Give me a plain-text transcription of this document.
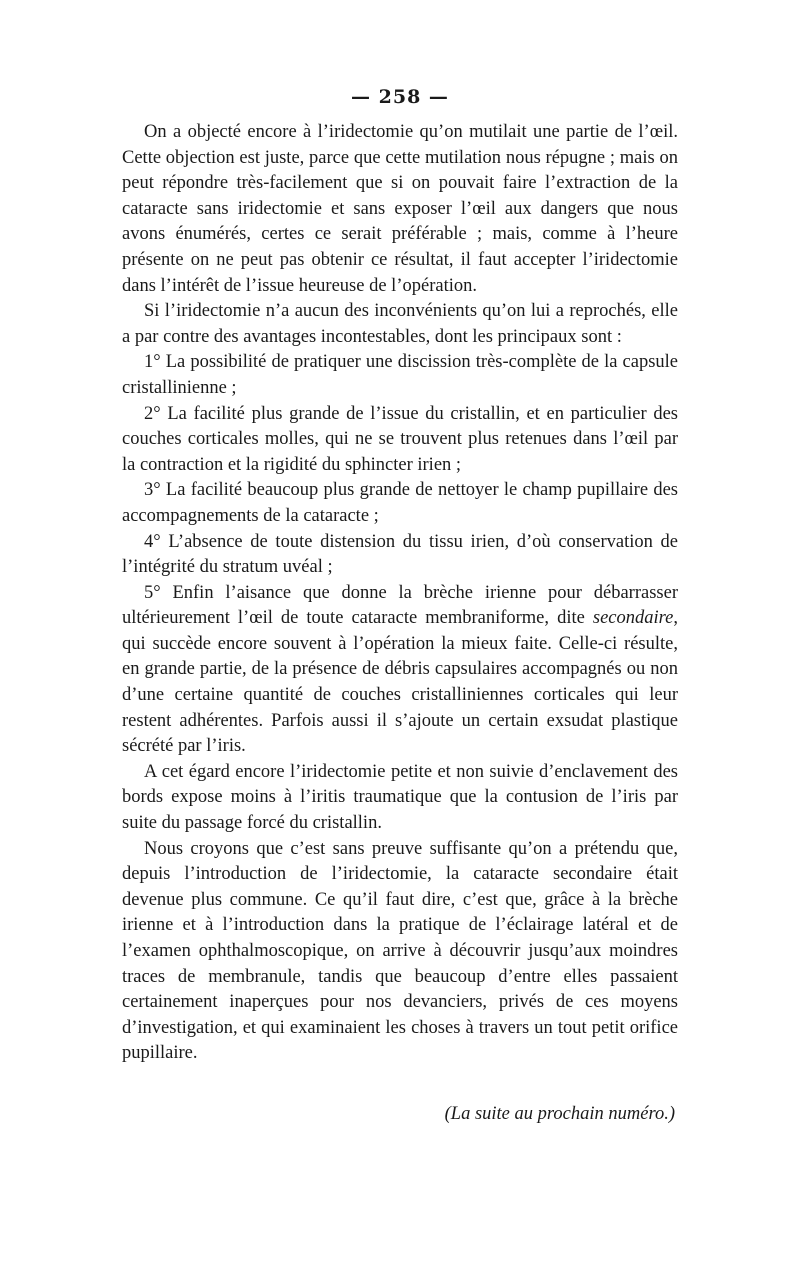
— 258 —

On a objecté encore à l’iridectomie qu’on mutilait une partie de l’œil. Cette objection est juste, parce que cette mutilation nous répugne ; mais on peut répondre très-facilement que si on pouvait faire l’extraction de la cataracte sans iridectomie et sans exposer l’œil aux dangers que nous avons énumérés, certes ce serait préférable ; mais, comme à l’heure présente on ne peut pas obtenir ce résultat, il faut accepter l’iridectomie dans l’intérêt de l’issue heureuse de l’opération.

Si l’iridectomie n’a aucun des inconvénients qu’on lui a reprochés, elle a par contre des avantages incontestables, dont les principaux sont :

1° La possibilité de pratiquer une discission très-complète de la capsule cristallinienne ;

2° La facilité plus grande de l’issue du cristallin, et en particulier des couches corticales molles, qui ne se trouvent plus retenues dans l’œil par la contraction et la rigidité du sphincter irien ;

3° La facilité beaucoup plus grande de nettoyer le champ pupillaire des accompagnements de la cataracte ;

4° L’absence de toute distension du tissu irien, d’où conservation de l’intégrité du stratum uvéal ;

5° Enfin l’aisance que donne la brèche irienne pour débarrasser ultérieurement l’œil de toute cataracte membraniforme, dite secondaire, qui succède encore souvent à l’opération la mieux faite. Celle-ci résulte, en grande partie, de la présence de débris capsulaires accompagnés ou non d’une certaine quantité de couches cristalliniennes corticales qui leur restent adhérentes. Parfois aussi il s’ajoute un certain exsudat plastique sécrété par l’iris.

A cet égard encore l’iridectomie petite et non suivie d’enclavement des bords expose moins à l’iritis traumatique que la contusion de l’iris par suite du passage forcé du cristallin.

Nous croyons que c’est sans preuve suffisante qu’on a prétendu que, depuis l’introduction de l’iridectomie, la cataracte secondaire était devenue plus commune. Ce qu’il faut dire, c’est que, grâce à la brèche irienne et à l’introduction dans la pratique de l’éclairage latéral et de l’examen ophthalmoscopique, on arrive à découvrir jusqu’aux moindres traces de membranule, tandis que beaucoup d’entre elles passaient certainement inaperçues pour nos devanciers, privés de ces moyens d’investigation, et qui examinaient les choses à travers un tout petit orifice pupillaire.

(La suite au prochain numéro.)
